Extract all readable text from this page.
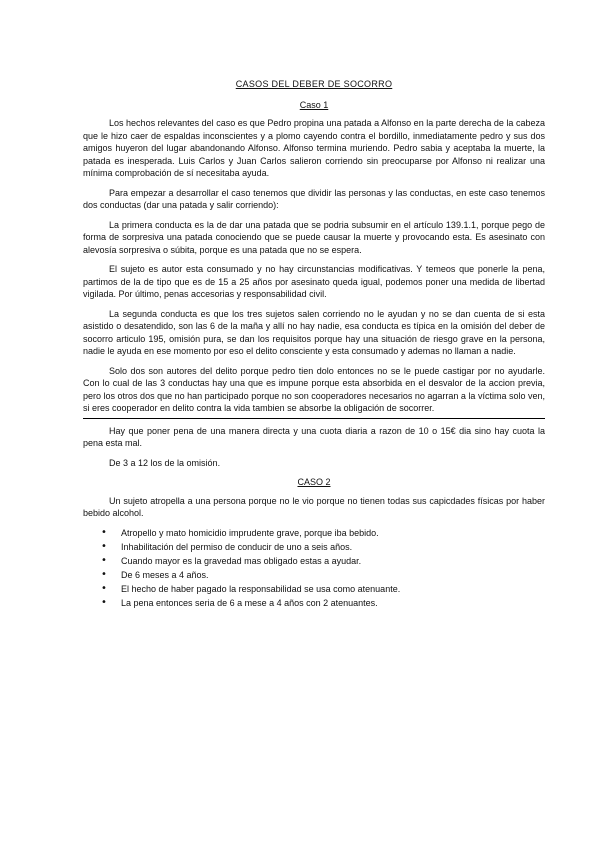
CASOS DEL DEBER DE SOCORRO
Caso 1

Los hechos relevantes del caso es que Pedro propina una patada a Alfonso en la parte derecha de la cabeza que le hizo caer de espaldas inconscientes y a plomo cayendo contra el bordillo, inmediatamente pedro y sus dos amigos huyeron del lugar abandonando Alfonso. Alfonso termina muriendo. Pedro sabia y aceptaba la muerte, la patada es inesperada. Luis Carlos y Juan Carlos salieron corriendo sin preocuparse por Alfonso ni realizar una mínima comprobación de sí necesitaba ayuda.

Para empezar a desarrollar el caso tenemos que dividir las personas y las conductas, en este caso tenemos dos conductas (dar una patada y salir corriendo):

La primera conducta es la de dar una patada que se podria subsumir en el artículo 139.1.1, porque pego de forma de sorpresiva una patada conociendo que se puede causar la muerte y provocando esta. Es asesinato con alevosía sorpresiva o súbita, porque es una patada que no se espera.

El sujeto es autor esta consumado y no hay circunstancias modificativas. Y temeos que ponerle la pena, partimos de la de tipo que es de 15 a 25 años por asesinato queda igual, podemos poner una medida de libertad vigilada. Por último, penas accesorias y responsabilidad civil.

La segunda conducta es que los tres sujetos salen corriendo no le ayudan y no se dan cuenta de si esta asistido o desatendido, son las 6 de la maña y allí no hay nadie, esa conducta es típica en la omisión del deber de socorro articulo 195, omisión pura, se dan los requisitos porque hay una situación de riesgo grave en la persona, nadie le ayuda en ese momento por eso el delito consciente y esta consumado y ademas no llaman a nadie.

Solo dos son autores del delito porque pedro tien dolo entonces no se le puede castigar por no ayudarle. Con lo cual de las 3 conductas hay una que es impune porque esta absorbida en el desvalor de la accion previa, pero los otros dos que no han participado porque no son cooperadores necesarios no agarran a la víctima solo ven, si eres cooperador en delito contra la vida tambien se absorbe la obligación de socorrer.

Hay que poner pena de una manera directa y una cuota diaria a razon de 10 o 15€ dia sino hay cuota la pena esta mal.

De 3 a 12 los de la omisión.

CASO 2

Un sujeto atropella a una persona porque no le vio porque no tienen todas sus capicdades físicas por haber bebido alcohol.

• Atropello y mato homicidio imprudente grave, porque iba bebido.
• Inhabilitación del permiso de conducir de uno a seis años.
• Cuando mayor es la gravedad mas obligado estas a ayudar.
• De 6 meses a 4 años.
• El hecho de haber pagado la responsabilidad se usa como atenuante.
• La pena entonces seria de 6 a mese a 4 años con 2 atenuantes.
